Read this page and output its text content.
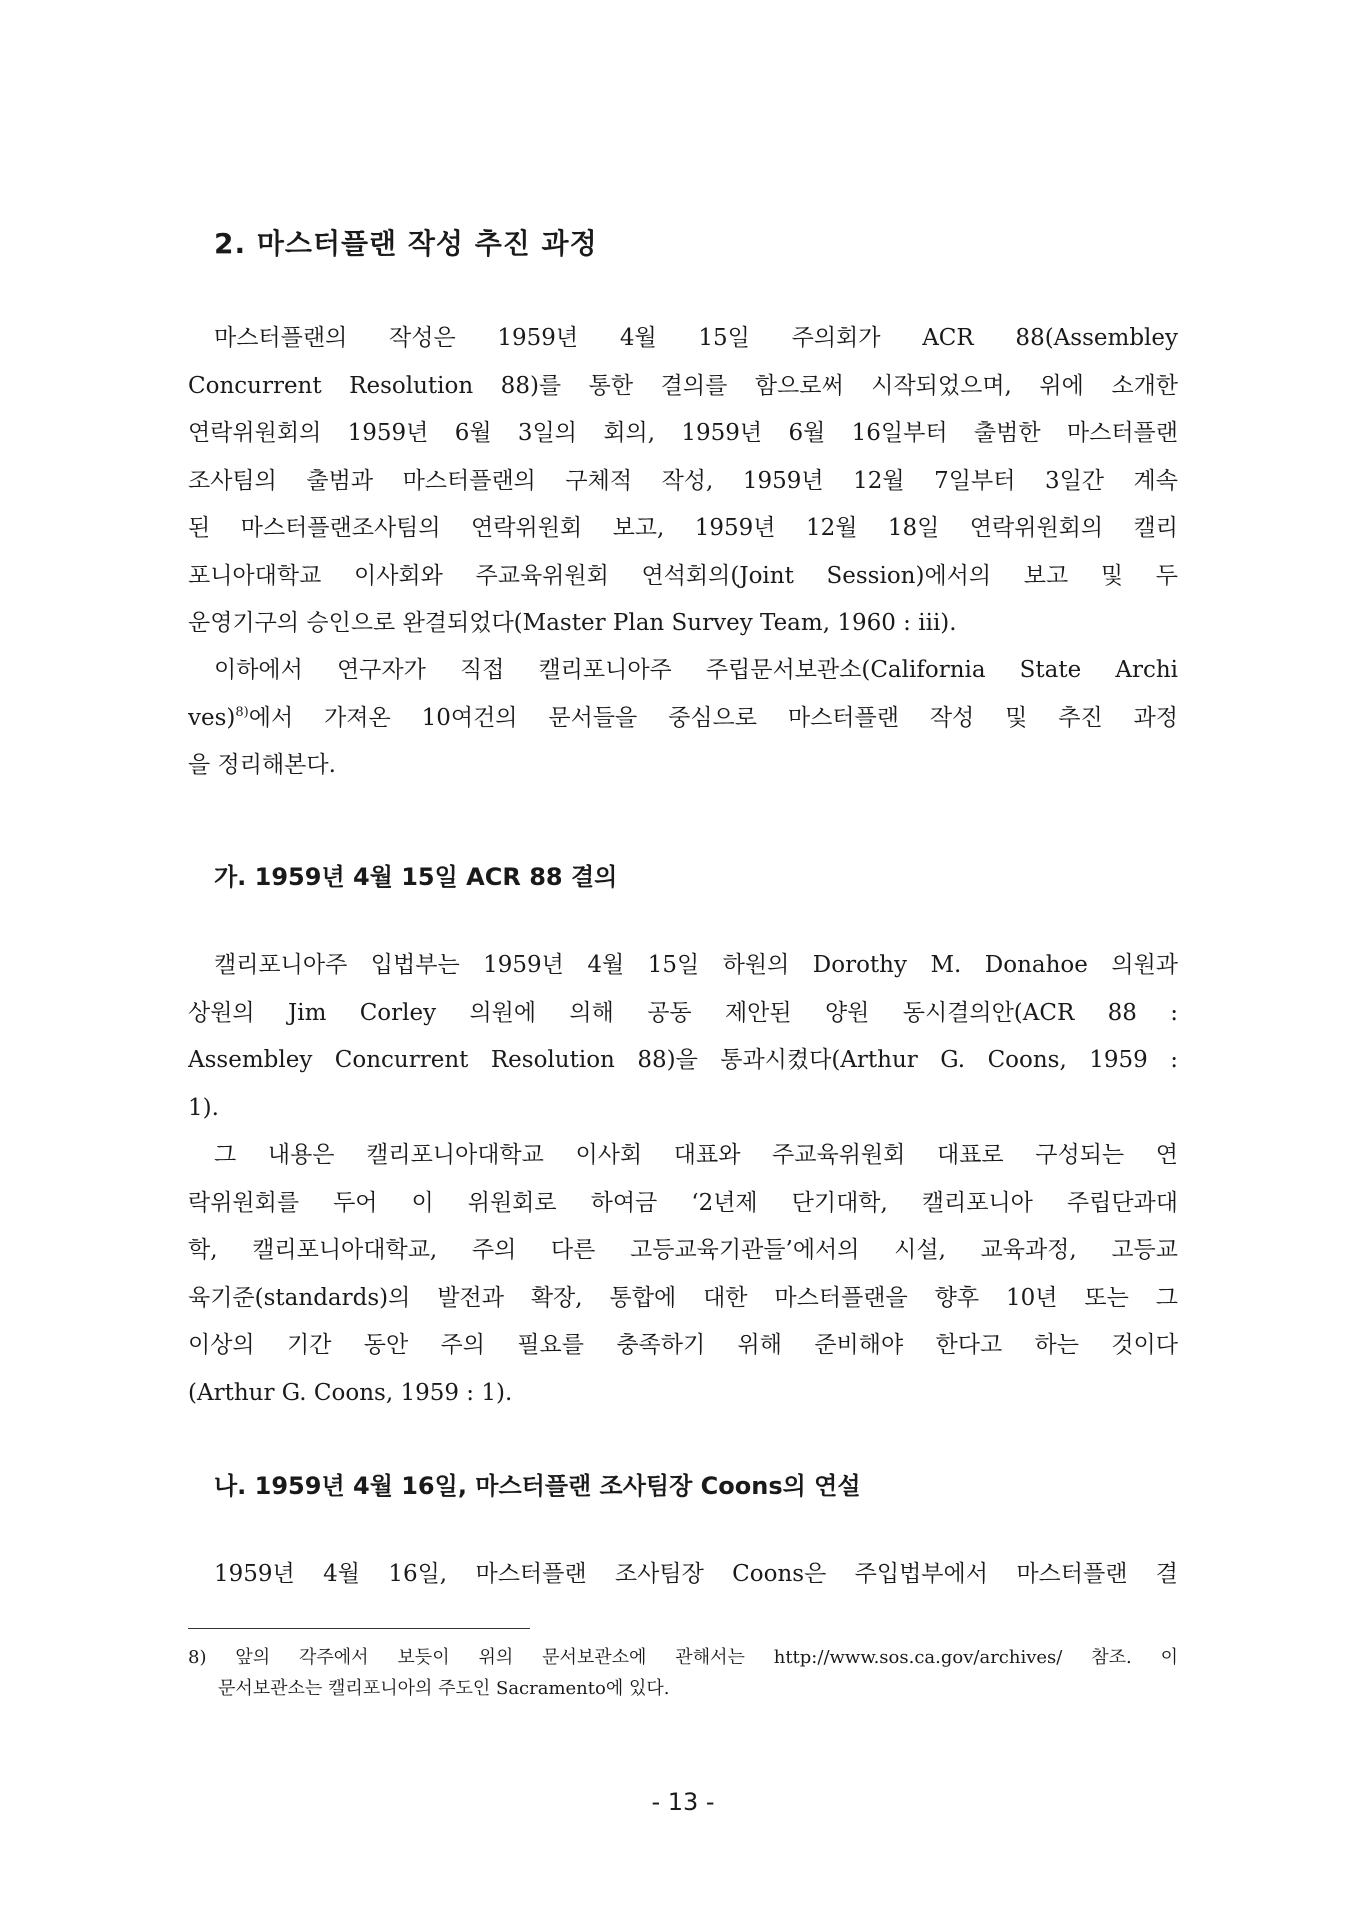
2. 마스터플랜 작성 추진 과정
마스터플랜의 작성은 1959년 4월 15일 주의회가 ACR 88(Assembley
Concurrent Resolution 88)를 통한 결의를 함으로써 시작되었으며, 위에 소개한
연락위원회의 1959년 6월 3일의 회의, 1959년 6월 16일부터 출범한 마스터플랜
조사팀의 출범과 마스터플랜의 구체적 작성, 1959년 12월 7일부터 3일간 계속
된 마스터플랜조사팀의 연락위원회 보고, 1959년 12월 18일 연락위원회의 캘리
포니아대학교 이사회와 주교육위원회 연석회의(Joint Session)에서의 보고 및 두
운영기구의 승인으로 완결되었다(Master Plan Survey Team, 1960 : iii).
이하에서 연구자가 직접 캘리포니아주 주립문서보관소(California State Archi
ves)$^{8)}$에서 가져온 10여건의 문서들을 중심으로 마스터플랜 작성 및 추진 과정
을 정리해본다.
가. 1959년 4월 15일 ACR 88 결의
캘리포니아주 입법부는 1959년 4월 15일 하원의 Dorothy M. Donahoe 의원과
상원의 Jim Corley 의원에 의해 공동 제안된 양원 동시결의안(ACR 88 :
Assembley Concurrent Resolution 88)을 통과시켰다(Arthur G. Coons, 1959 :
1).
그 내용은 캘리포니아대학교 이사회 대표와 주교육위원회 대표로 구성되는 연
락위원회를 두어 이 위원회로 하여금 ‘2년제 단기대학, 캘리포니아 주립단과대
학, 캘리포니아대학교, 주의 다른 고등교육기관들’에서의 시설, 교육과정, 고등교
육기준(standards)의 발전과 확장, 통합에 대한 마스터플랜을 향후 10년 또는 그
이상의 기간 동안 주의 필요를 충족하기 위해 준비해야 한다고 하는 것이다
(Arthur G. Coons, 1959 : 1).
나. 1959년 4월 16일, 마스터플랜 조사팀장 Coons의 연설
1959년 4월 16일, 마스터플랜 조사팀장 Coons은 주입법부에서 마스터플랜 결
8) 앞의 각주에서 보듯이 위의 문서보관소에 관해서는 http://www.sos.ca.gov/archives/ 참조. 이
문서보관소는 캘리포니아의 주도인 Sacramento에 있다.
- 13 -
